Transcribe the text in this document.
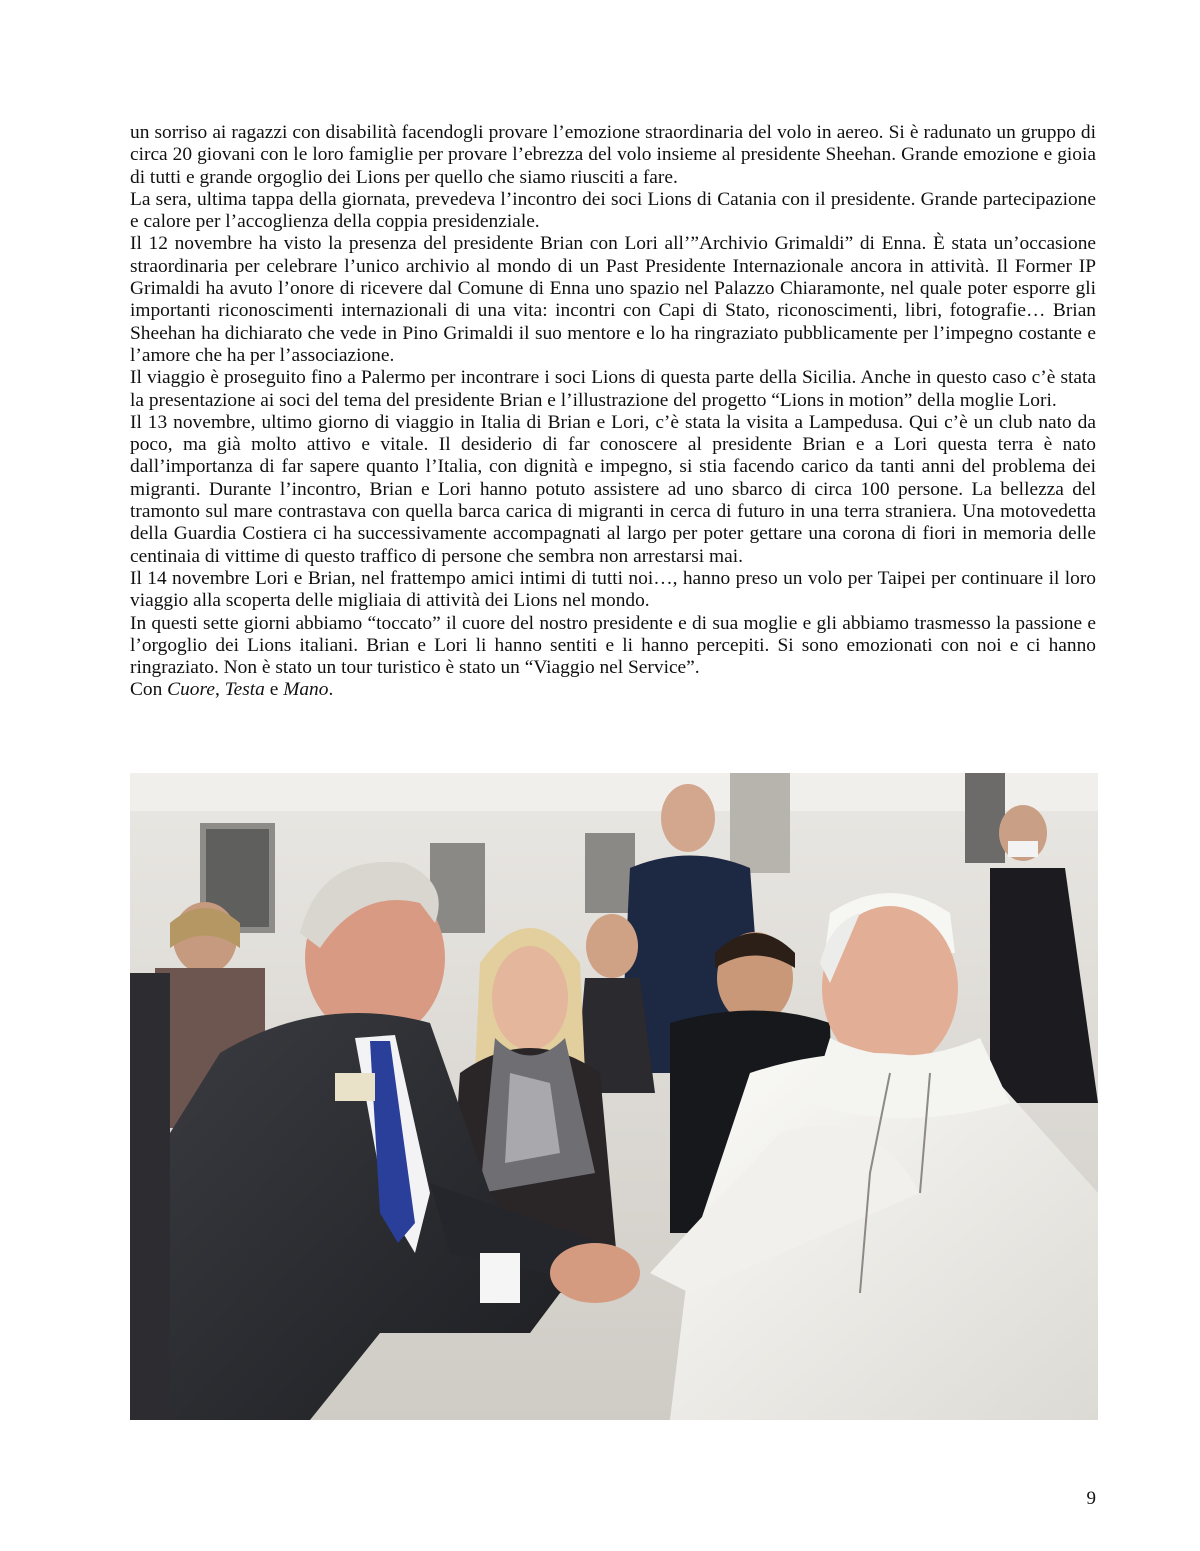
un sorriso ai ragazzi con disabilità facendogli provare l’emozione straordinaria del volo in aereo. Si è radunato un gruppo di circa 20 giovani con le loro famiglie per provare l’ebrezza del volo insieme al presidente Sheehan. Grande emozione e gioia di tutti e grande orgoglio dei Lions per quello che siamo riusciti a fare.

La sera, ultima tappa della giornata, prevedeva l’incontro dei soci Lions di Catania con il presidente. Grande partecipazione e calore per l’accoglienza della coppia presidenziale.

Il 12 novembre ha visto la presenza del presidente Brian con Lori all’”Archivio Grimaldi” di Enna. È stata un’occasione straordinaria per celebrare l’unico archivio al mondo di un Past Presidente Internazionale ancora in attività. Il Former IP Grimaldi ha avuto l’onore di ricevere dal Comune di Enna uno spazio nel Palazzo Chiaramonte, nel quale poter esporre gli importanti riconoscimenti internazionali di una vita: incontri con Capi di Stato, riconoscimenti, libri, fotografie… Brian Sheehan ha dichiarato che vede in Pino Grimaldi il suo mentore e lo ha ringraziato pubblicamente per l’impegno costante e l’amore che ha per l’associazione.

Il viaggio è proseguito fino a Palermo per incontrare i soci Lions di questa parte della Sicilia. Anche in questo caso c’è stata la presentazione ai soci del tema del presidente Brian e l’illustrazione del progetto “Lions in motion” della moglie Lori.

Il 13 novembre, ultimo giorno di viaggio in Italia di Brian e Lori, c’è stata la visita a Lampedusa. Qui c’è un club nato da poco, ma già molto attivo e vitale. Il desiderio di far conoscere al presidente Brian e a Lori questa terra è nato dall’importanza di far sapere quanto l’Italia, con dignità e impegno, si stia facendo carico da tanti anni del problema dei migranti. Durante l’incontro, Brian e Lori hanno potuto assistere ad uno sbarco di circa 100 persone. La bellezza del tramonto sul mare contrastava con quella barca carica di migranti in cerca di futuro in una terra straniera. Una motovedetta della Guardia Costiera ci ha successivamente accompagnati al largo per poter gettare una corona di fiori in memoria delle centinaia di vittime di questo traffico di persone che sembra non arrestarsi mai.

Il 14 novembre Lori e Brian, nel frattempo amici intimi di tutti noi…, hanno preso un volo per Taipei per continuare il loro viaggio alla scoperta delle migliaia di attività dei Lions nel mondo.

In questi sette giorni abbiamo “toccato” il cuore del nostro presidente e di sua moglie e gli abbiamo trasmesso la passione e l’orgoglio dei Lions italiani. Brian e Lori li hanno sentiti e li hanno percepiti. Si sono emozionati con noi e ci hanno ringraziato. Non è stato un tour turistico è stato un “Viaggio nel Service”.

Con Cuore, Testa e Mano.

9
